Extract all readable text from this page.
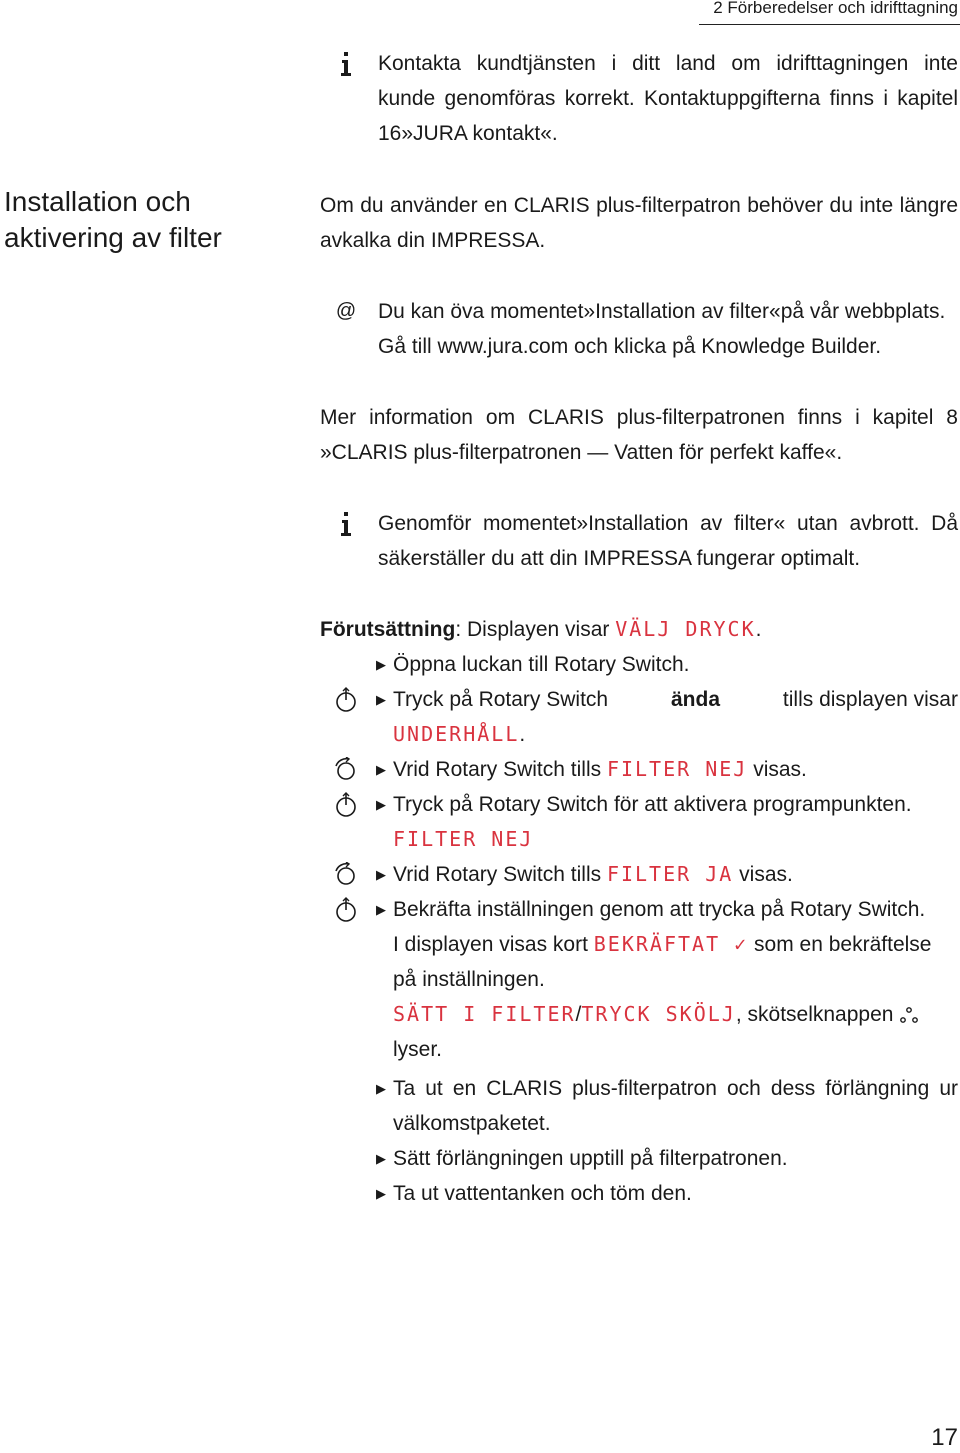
2 Förberedelser och idrifttagning
Kontakta kundtjänsten i ditt land om idrifttagningen inte
kunde genomföras korrekt. Kontaktuppgifterna finns i kapitel
16»JURA kontakt«.
Installation och
aktivering av filter
Om du använder en CLARIS plus-filterpatron behöver du inte längre
avkalka din IMPRESSA.
@ Du kan öva momentet»Installation av filter«på vår webbplats.
Gå till www.jura.com och klicka på Knowledge Builder.
Mer information om CLARIS plus-filterpatronen finns i kapitel 8
»CLARIS plus-filterpatronen — Vatten för perfekt kaffe«.
Genomför momentet»Installation av filter« utan avbrott. Då
säkerställer du att din IMPRESSA fungerar optimalt.
Förutsättning: Displayen visar VÄLJ DRYCK.
▶ Öppna luckan till Rotary Switch.
▶ Tryck på Rotary Switch	ända	tills displayen visar
UNDERHÅLL.
▶ Vrid Rotary Switch tills FILTER NEJ visas.
▶ Tryck på Rotary Switch för att aktivera programpunkten.
FILTER NEJ
▶ Vrid Rotary Switch tills FILTER JA visas.
▶ Bekräfta inställningen genom att trycka på Rotary Switch.
I displayen visas kort BEKRÄFTAT ✓ som en bekräftelse
på inställningen.
SÄTT I FILTER / TRYCK SKÖLJ , skötselknappen
lyser.
▶ Ta ut en CLARIS plus-filterpatron och dess förlängning ur
välkomstpaketet.
▶ Sätt förlängningen upptill på filterpatronen.
▶ Ta ut vattentanken och töm den.
17
